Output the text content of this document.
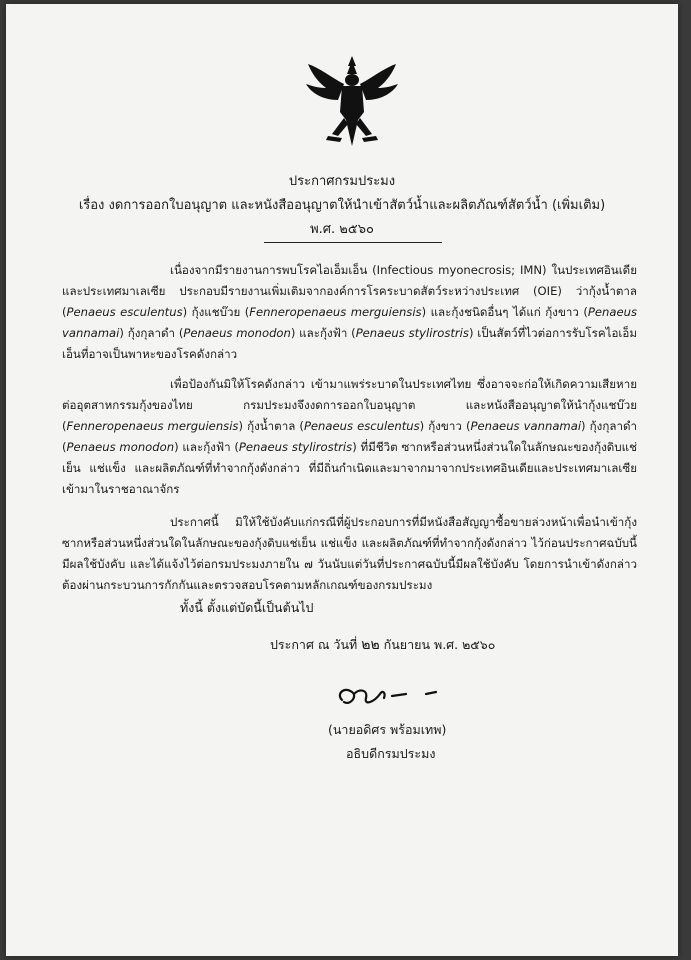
ประกาศกรมประมง
เรื่อง งดการออกใบอนุญาต และหนังสืออนุญาตให้นำเข้าสัตว์น้ำและผลิตภัณฑ์สัตว์น้ำ (เพิ่มเติม)
พ.ศ. ๒๕๖๐

เนื่องจากมีรายงานการพบโรคไอเอ็มเอ็น (Infectious myonecrosis; IMN) ในประเทศอินเดียและประเทศมาเลเซีย ประกอบมีรายงานเพิ่มเติมจากองค์การโรคระบาดสัตว์ระหว่างประเทศ (OIE) ว่ากุ้งน้ำตาล (Penaeus esculentus) กุ้งแชบ๊วย (Fenneropenaeus merguiensis) และกุ้งชนิดอื่นๆ ได้แก่ กุ้งขาว (Penaeus vannamai) กุ้งกุลาดำ (Penaeus monodon) และกุ้งฟ้า (Penaeus stylirostris) เป็นสัตว์ที่ไวต่อการรับโรคไอเอ็มเอ็นที่อาจเป็นพาหะของโรคดังกล่าว

เพื่อป้องกันมิให้โรคดังกล่าว เข้ามาแพร่ระบาดในประเทศไทย ซึ่งอาจจะก่อให้เกิดความเสียหายต่ออุตสาหกรรมกุ้งของไทย กรมประมงจึงงดการออกใบอนุญาต และหนังสืออนุญาตให้นำกุ้งแชบ๊วย (Fenneropenaeus merguiensis) กุ้งน้ำตาล (Penaeus esculentus) กุ้งขาว (Penaeus vannamai) กุ้งกุลาดำ (Penaeus monodon) และกุ้งฟ้า (Penaeus stylirostris) ที่มีชีวิต ซากหรือส่วนหนึ่งส่วนใดในลักษณะของกุ้งดิบแช่เย็น แช่แข็ง และผลิตภัณฑ์ที่ทำจากกุ้งดังกล่าว ที่มีถิ่นกำเนิดและมาจากมาจากประเทศอินเดียและประเทศมาเลเซีย เข้ามาในราชอาณาจักร

ประกาศนี้ มิให้ใช้บังคับแก่กรณีที่ผู้ประกอบการที่มีหนังสือสัญญาซื้อขายล่วงหน้าเพื่อนำเข้ากุ้ง ซากหรือส่วนหนึ่งส่วนใดในลักษณะของกุ้งดิบแช่เย็น แช่แข็ง และผลิตภัณฑ์ที่ทำจากกุ้งดังกล่าว ไว้ก่อนประกาศฉบับนี้มีผลใช้บังคับ และได้แจ้งไว้ต่อกรมประมงภายใน ๗ วันนับแต่วันที่ประกาศฉบับนี้มีผลใช้บังคับ โดยการนำเข้าดังกล่าวต้องผ่านกระบวนการกักกันและตรวจสอบโรคตามหลักเกณฑ์ของกรมประมง

ทั้งนี้ ตั้งแต่บัดนี้เป็นต้นไป
ประกาศ ณ วันที่ ๒๒ กันยายน พ.ศ. ๒๕๖๐
(นายอดิศร พร้อมเทพ)
อธิบดีกรมประมง
